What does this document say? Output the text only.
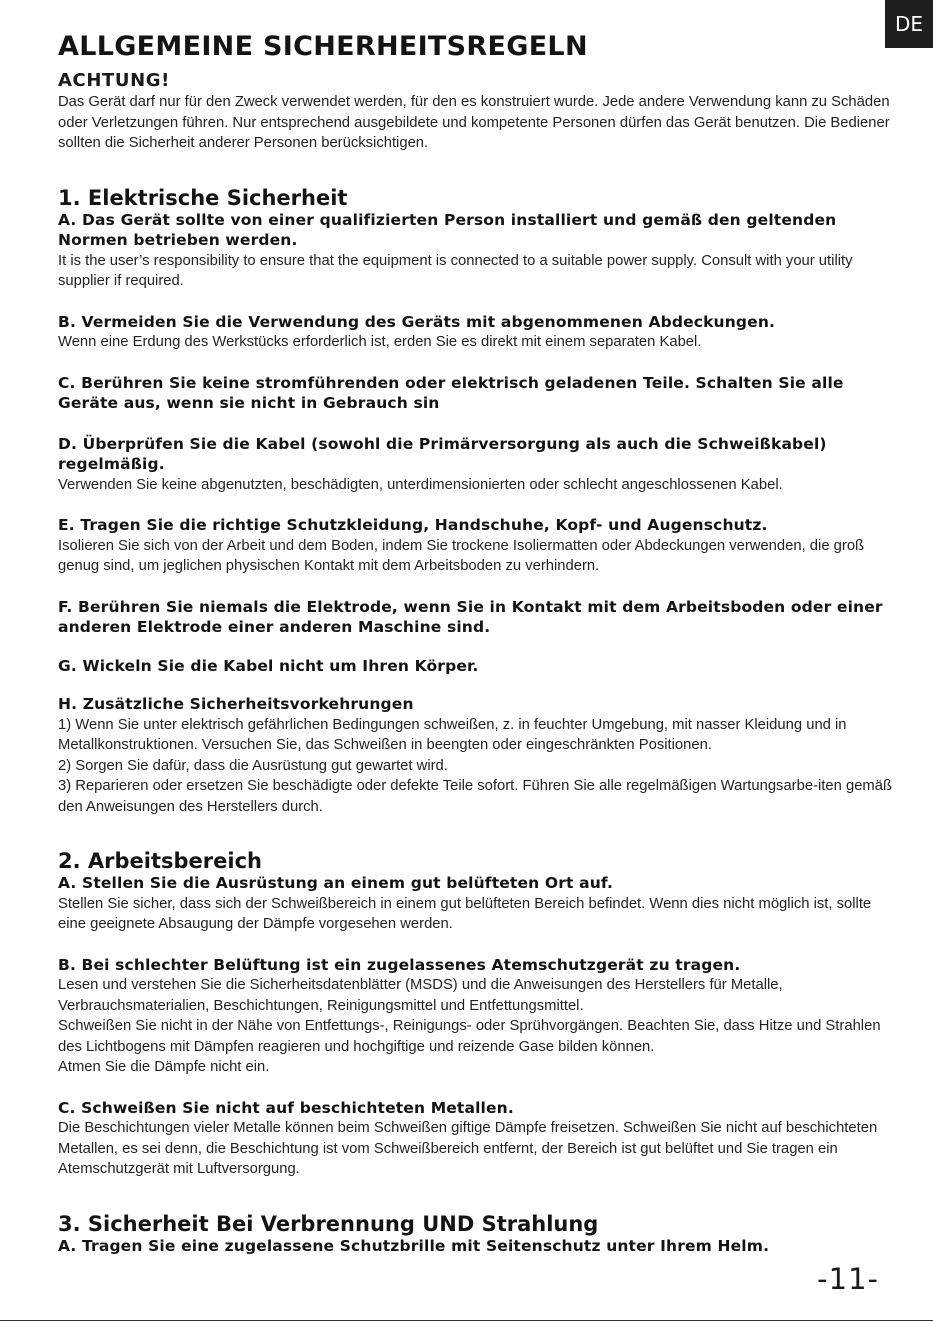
DE
ALLGEMEINE SICHERHEITSREGELN
ACHTUNG!

Das Gerät darf nur für den Zweck verwendet werden, für den es konstruiert wurde. Jede andere Verwendung kann zu Schäden oder Verletzungen führen. Nur entsprechend ausgebildete und kompetente Personen dürfen das Gerät benutzen. Die Bediener sollten die Sicherheit anderer Personen berücksichtigen.

1. Elektrische Sicherheit
A. Das Gerät sollte von einer qualifizierten Person installiert und gemäß den geltenden Normen betrieben werden.

It is the user’s responsibility to ensure that the equipment is connected to a suitable power supply. Consult with your utility supplier if required.

B. Vermeiden Sie die Verwendung des Geräts mit abgenommenen Abdeckungen.

Wenn eine Erdung des Werkstücks erforderlich ist, erden Sie es direkt mit einem separaten Kabel.

C. Berühren Sie keine stromführenden oder elektrisch geladenen Teile. Schalten Sie alle Geräte aus, wenn sie nicht in Gebrauch sin
D. Überprüfen Sie die Kabel (sowohl die Primärversorgung als auch die Schweißkabel) regelmäßig.

Verwenden Sie keine abgenutzten, beschädigten, unterdimensionierten oder schlecht angeschlossenen Kabel.

E. Tragen Sie die richtige Schutzkleidung, Handschuhe, Kopf- und Augenschutz.

Isolieren Sie sich von der Arbeit und dem Boden, indem Sie trockene Isoliermatten oder Abdeckungen verwenden, die groß genug sind, um jeglichen physischen Kontakt mit dem Arbeitsboden zu verhindern.

F. Berühren Sie niemals die Elektrode, wenn Sie in Kontakt mit dem Arbeitsboden oder einer anderen Elektrode einer anderen Maschine sind.
G. Wickeln Sie die Kabel nicht um Ihren Körper.
H. Zusätzliche Sicherheitsvorkehrungen

1) Wenn Sie unter elektrisch gefährlichen Bedingungen schweißen, z. in feuchter Umgebung, mit nasser Kleidung und in Metallkonstruktionen. Versuchen Sie, das Schweißen in beengten oder eingeschränkten Positionen.

2) Sorgen Sie dafür, dass die Ausrüstung gut gewartet wird.

3) Reparieren oder ersetzen Sie beschädigte oder defekte Teile sofort. Führen Sie alle regelmäßigen Wartungsarbe-iten gemäß den Anweisungen des Herstellers durch.

2. Arbeitsbereich
A. Stellen Sie die Ausrüstung an einem gut belüfteten Ort auf.

Stellen Sie sicher, dass sich der Schweißbereich in einem gut belüfteten Bereich befindet. Wenn dies nicht möglich ist, sollte eine geeignete Absaugung der Dämpfe vorgesehen werden.

B. Bei schlechter Belüftung ist ein zugelassenes Atemschutzgerät zu tragen.

Lesen und verstehen Sie die Sicherheitsdatenblätter (MSDS) und die Anweisungen des Herstellers für Metalle, Verbrauchsmaterialien, Beschichtungen, Reinigungsmittel und Entfettungsmittel.

Schweißen Sie nicht in der Nähe von Entfettungs-, Reinigungs- oder Sprühvorgängen. Beachten Sie, dass Hitze und Strahlen des Lichtbogens mit Dämpfen reagieren und hochgiftige und reizende Gase bilden können.

Atmen Sie die Dämpfe nicht ein.

C. Schweißen Sie nicht auf beschichteten Metallen.

Die Beschichtungen vieler Metalle können beim Schweißen giftige Dämpfe freisetzen. Schweißen Sie nicht auf beschichteten Metallen, es sei denn, die Beschichtung ist vom Schweißbereich entfernt, der Bereich ist gut belüftet und Sie tragen ein Atemschutzgerät mit Luftversorgung.

3. Sicherheit Bei Verbrennung UND Strahlung
A. Tragen Sie eine zugelassene Schutzbrille mit Seitenschutz unter Ihrem Helm.
-11-
